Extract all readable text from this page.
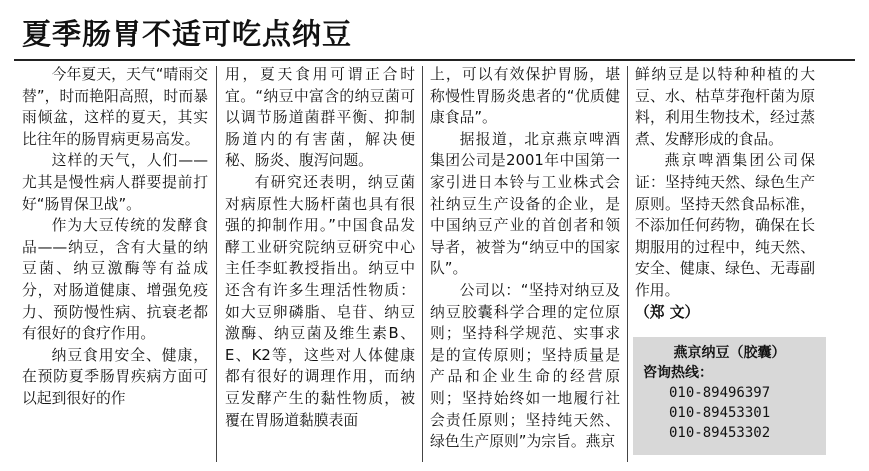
夏季肠胃不适可吃点纳豆

今年夏天，天气“晴雨交替”，时而艳阳高照，时而暴雨倾盆，这样的夏天，其实比往年的肠胃病更易高发。

这样的天气，人们——尤其是慢性病人群要提前打好“肠胃保卫战”。

作为大豆传统的发酵食品——纳豆，含有大量的纳豆菌、纳豆激酶等有益成分，对肠道健康、增强免疫力、预防慢性病、抗衰老都有很好的食疗作用。

纳豆食用安全、健康，在预防夏季肠胃疾病方面可以起到很好的作

用，夏天食用可谓正合时宜。“纳豆中富含的纳豆菌可以调节肠道菌群平衡、抑制肠道内的有害菌，解决便秘、肠炎、腹泻问题。

有研究还表明，纳豆菌对病原性大肠杆菌也具有很强的抑制作用。”中国食品发酵工业研究院纳豆研究中心主任李虹教授指出。纳豆中还含有许多生理活性物质：如大豆卵磷脂、皂苷、纳豆激酶、纳豆菌及维生素B、E、K2等，这些对人体健康都有很好的调理作用，而纳豆发酵产生的黏性物质，被覆在胃肠道黏膜表面

上，可以有效保护胃肠，堪称慢性胃肠炎患者的“优质健康食品”。

据报道，北京燕京啤酒集团公司是2001年中国第一家引进日本铃与工业株式会社纳豆生产设备的企业，是中国纳豆产业的首创者和领导者，被誉为“纳豆中的国家队”。

公司以：“坚持对纳豆及纳豆胶囊科学合理的定位原则；坚持科学规范、实事求是的宣传原则；坚持质量是产品和企业生命的经营原则；坚持始终如一地履行社会责任原则；坚持纯天然、绿色生产原则”为宗旨。燕京

鲜纳豆是以特种种植的大豆、水、枯草芽孢杆菌为原料，利用生物技术，经过蒸煮、发酵形成的食品。

燕京啤酒集团公司保证：坚持纯天然、绿色生产原则。坚持天然食品标准，不添加任何药物，确保在长期服用的过程中，纯天然、安全、健康、绿色、无毒副作用。

（郑 文）

燕京纳豆（胶囊）
咨询热线：
010-89496397
010-89453301
010-89453302
